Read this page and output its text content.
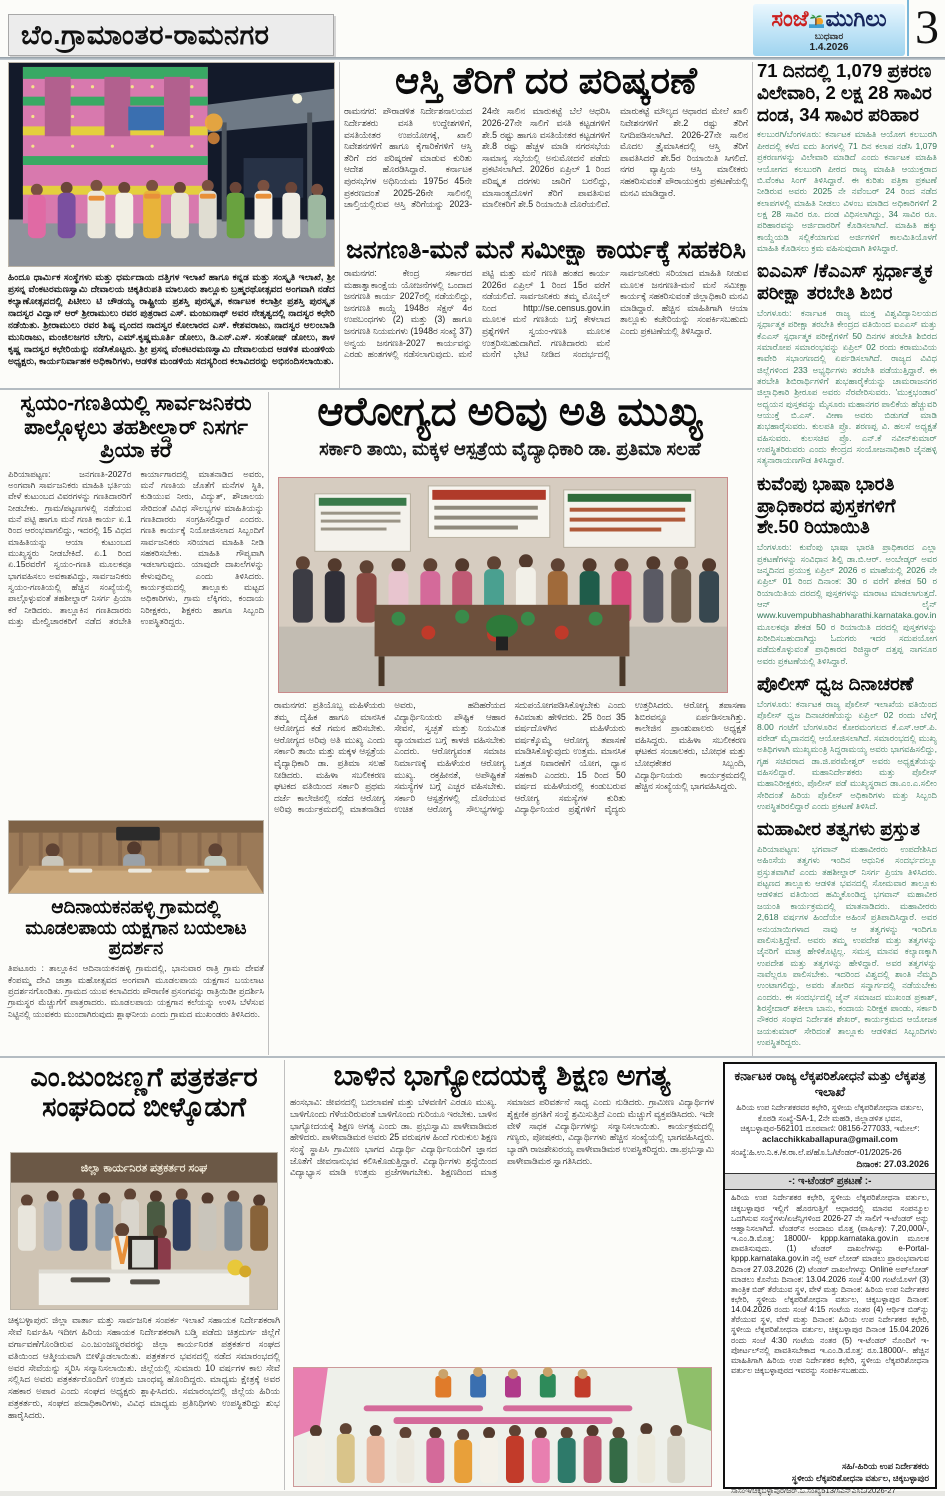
ಬೆಂ.ಗ್ರಾಮಾಂತರ-ರಾಮನಗರ
ಸಂಜೆ ಮುಗಿಲು
ಬುಧವಾರ
1.4.2026	3
ಹಿಂದೂ ಧಾರ್ಮಿಕ ಸಂಸ್ಥೆಗಳು ಮತ್ತು ಧರ್ಮದಾಯ ದತ್ತಿಗಳ ಇಲಾಖೆ ಹಾಗೂ ಕನ್ನಡ ಮತ್ತು ಸಂಸ್ಕೃತಿ ಇಲಾಖೆ, ಶ್ರೀ ಪ್ರಸನ್ನ ವೆಂಕಟರಮಣಸ್ವಾಮಿ ದೇವಾಲಯ ಚಿಕ್ಕತಿರುಪತಿ ಮಾಲೂರು ತಾಲ್ಲೂಕು ಬ್ರಹ್ಮರಥೋತ್ಸವದ ಅಂಗವಾಗಿ ನಡೆದ ಕಲ್ಯಾಣೋತ್ಸವದಲ್ಲಿ ಪಿಟೀಲು ಟಿ ಚೌಡಯ್ಯ ರಾಷ್ಟ್ರೀಯ ಪ್ರಶಸ್ತಿ ಪುರಸ್ಕೃತ, ಕರ್ನಾಟಕ ಕಲಾಶ್ರೀ ಪ್ರಶಸ್ತಿ ಪುರಸ್ಕೃತ ನಾದಸ್ವರ ವಿದ್ವಾನ್ ಆರ್ ಶ್ರೀರಾಮುಲು ರವರ ಪುತ್ರರಾದ ಎಸ್. ಮಂಜುನಾಥ್ ಅವರ ನೇತೃತ್ವದಲ್ಲಿ ನಾದಸ್ವರ ಕಛೇರಿ ನಡೆಯಿತು. ಶ್ರೀರಾಮುಲು ರವರ ಶಿಷ್ಯ ವೃಂದದ ನಾದಸ್ವರ ಕೋಲಾರದ ಎಸ್. ಕೇಶವರಾಜು, ನಾದಸ್ವರ ಆಲಂಬಾಡಿ ಮುನಿರಾಜು, ಮಂಜಿಲಜಗರ ಬೇಗು, ಎಮ್.ಕೃಷ್ಣಮೂರ್ತಿ ಡೋಲು, ಡಿ.ಎನ್.ಎಸ್. ಸಂತೋಷ್ ಡೋಲು, ತಾಳ ಕೃಷ್ಣ ನಾದಸ್ವರ ಕಛೇರಿಯನ್ನು ನಡೆಸಿಕೊಟ್ಟರು. ಶ್ರೀ ಪ್ರಸನ್ನ ವೆಂಕಟರಮಣಸ್ವಾಮಿ ದೇವಾಲಯದ ಆಡಳಿತ ಮಂಡಳಿಯ ಅಧ್ಯಕ್ಷರು, ಕಾರ್ಯನಿರ್ವಾಹಕ ಅಧಿಕಾರಿಗಳು, ಆಡಳಿತ ಮಂಡಳಿಯ ಸದಸ್ಯರಿಂದ ಕಲಾವಿದರನ್ನು ಅಭಿನಂದಿಸಲಾಯಿತು.
ಆಸ್ತಿ ತೆರಿಗೆ ದರ ಪರಿಷ್ಕರಣೆ
ರಾಮನಗರ: ಪೌರಾಡಳಿತ ನಿರ್ದೇಶನಾಲಯದ ನಿರ್ದೇಶಕರು ವಸತಿ ಉದ್ದೇಶಗಳಿಗೆ, ವಸತಿಯೇತರ ಉಪಯೋಗಕ್ಕೆ, ಖಾಲಿ ನಿವೇಶನಗಳಿಗೆ ಹಾಗೂ ಕೈಗಾರಿಕೆಗಳಿಗೆ ಆಸ್ತಿ ತೆರಿಗೆ ದರ ಪರಿಷ್ಕರಣೆ ಮಾಡುವ ಕುರಿತು ಆದೇಶ ಹೊರಡಿಸಿದ್ದಾರೆ. ಕರ್ನಾಟಕ ಪುರಸಭೆಗಳ ಅಧಿನಿಯಮ 1975ರ 45ನೇ ಪ್ರಕರಣದಂತೆ 2025-26ನೇ ಸಾಲಿನಲ್ಲಿ ಚಾಲ್ತಿಯಲ್ಲಿರುವ ಆಸ್ತಿ ತೆರಿಗೆಯನ್ನು 2023-24ನೇ ಸಾಲಿನ ಮಾರುಕಟ್ಟೆ ಬೆಲೆ ಆಧರಿಸಿ 2026-27ನೇ ಸಾಲಿಗೆ ವಸತಿ ಕಟ್ಟಡಗಳಿಗೆ ಶೇ.5 ರಷ್ಟು ಹಾಗೂ ವಸತಿಯೇತರ ಕಟ್ಟಡಗಳಿಗೆ ಶೇ.8 ರಷ್ಟು ಹೆಚ್ಚಳ ಮಾಡಿ ನಗರಸಭೆಯ ಸಾಮಾನ್ಯ ಸಭೆಯಲ್ಲಿ ಅನುಮೋದನೆ ಪಡೆದು ಪ್ರಕಟಿಸಲಾಗಿದೆ. 2026ರ ಏಪ್ರಿಲ್ 1 ರಿಂದ ಪರಿಷ್ಕೃತ ದರಗಳು ಜಾರಿಗೆ ಬರಲಿದ್ದು, ಮಾಸಾಂತ್ಯದೊಳಗೆ ತೆರಿಗೆ ಪಾವತಿಸುವ ಮಾಲೀಕರಿಗೆ ಶೇ.5 ರಿಯಾಯಿತಿ ದೊರೆಯಲಿದೆ. ಮಾರುಕಟ್ಟೆ ಮೌಲ್ಯದ ಆಧಾರದ ಮೇಲೆ ಖಾಲಿ ನಿವೇಶನಗಳಿಗೆ ಶೇ.2 ರಷ್ಟು ತೆರಿಗೆ ನಿಗದಿಪಡಿಸಲಾಗಿದೆ. 2026-27ನೇ ಸಾಲಿನ ಮೊದಲ ತ್ರೈಮಾಸಿಕದಲ್ಲಿ ಆಸ್ತಿ ತೆರಿಗೆ ಪಾವತಿಸಿದರೆ ಶೇ.5ರ ರಿಯಾಯಿತಿ ಸಿಗಲಿದೆ. ನಗರ ವ್ಯಾಪ್ತಿಯ ಆಸ್ತಿ ಮಾಲೀಕರು ಸಹಕರಿಸುವಂತೆ ಪೌರಾಯುಕ್ತರು ಪ್ರಕಟಣೆಯಲ್ಲಿ ಮನವಿ ಮಾಡಿದ್ದಾರೆ.
ಜನಗಣತಿ-ಮನೆ ಮನೆ ಸಮೀಕ್ಷಾ ಕಾರ್ಯಕ್ಕೆ ಸಹಕರಿಸಿ
ರಾಮನಗರ: ಕೇಂದ್ರ ಸರ್ಕಾರದ ಮಹಾತ್ವಾಕಾಂಕ್ಷೆಯ ಯೋಜನೆಗಳಲ್ಲಿ ಒಂದಾದ ಜನಗಣತಿ ಕಾರ್ಯ 2027ರಲ್ಲಿ ನಡೆಯಲಿದ್ದು, ಜನಗಣತಿ ಕಾಯ್ದೆ 1948ರ ಸೆಕ್ಷನ್ 4ರ ಉಪಬಂಧಗಳು (2) ಮತ್ತು (3) ಹಾಗೂ ಜನಗಣತಿ ನಿಯಮಗಳು (1948ರ ಸಂಖ್ಯೆ 37) ಅನ್ವಯ ಜನಗಣತಿ-2027 ಕಾರ್ಯವನ್ನು ಎರಡು ಹಂತಗಳಲ್ಲಿ ನಡೆಸಲಾಗುವುದು. ಮನೆ ಪಟ್ಟಿ ಮತ್ತು ಮನೆ ಗಣತಿ ಹಂತದ ಕಾರ್ಯ 2026ರ ಏಪ್ರಿಲ್ 1 ರಿಂದ 15ರ ವರೆಗೆ ನಡೆಯಲಿದೆ. ಸಾರ್ವಜನಿಕರು ತಮ್ಮ ಮೊಬೈಲ್ ನಿಂದ http://se.census.gov.in ಮೂಲಕ ಮನೆ ಗಣತಿಯ ಬಗ್ಗೆ ಕೇಳಲಾದ ಪ್ರಶ್ನೆಗಳಿಗೆ ಸ್ವಯಂ-ಗಣತಿ ಮೂಲಕ ಉತ್ತರಿಸಬಹುದಾಗಿದೆ. ಗಣತಿದಾರರು ಮನೆ ಮನೆಗೆ ಭೇಟಿ ನೀಡಿದ ಸಂದರ್ಭದಲ್ಲಿ ಸಾರ್ವಜನಿಕರು ಸರಿಯಾದ ಮಾಹಿತಿ ನೀಡುವ ಮೂಲಕ ಜನಗಣತಿ-ಮನೆ ಮನೆ ಸಮೀಕ್ಷಾ ಕಾರ್ಯಕ್ಕೆ ಸಹಕರಿಸುವಂತೆ ಜಿಲ್ಲಾಧಿಕಾರಿ ಮನವಿ ಮಾಡಿದ್ದಾರೆ. ಹೆಚ್ಚಿನ ಮಾಹಿತಿಗಾಗಿ ಆಯಾ ತಾಲ್ಲೂಕು ಕಚೇರಿಯನ್ನು ಸಂಪರ್ಕಿಸಬಹುದು ಎಂದು ಪ್ರಕಟಣೆಯಲ್ಲಿ ತಿಳಿಸಿದ್ದಾರೆ.
71 ದಿನದಲ್ಲಿ 1,079 ಪ್ರಕರಣ ವಿಲೇವಾರಿ, 2 ಲಕ್ಷ 28 ಸಾವಿರ ದಂಡ, 34 ಸಾವಿರ ಪರಿಹಾರ
ಕಲಬುರಗಿ/ಬೆಂಗಳೂರು: ಕರ್ನಾಟಕ ಮಾಹಿತಿ ಆಯೋಗ ಕಲಬುರಗಿ ಪೀಠದಲ್ಲಿ ಕಳೆದ ಐದು ತಿಂಗಳಲ್ಲಿ 71 ದಿನ ಕಲಾಪ ನಡೆಸಿ 1,079 ಪ್ರಕರಣಗಳನ್ನು ವಿಲೇವಾರಿ ಮಾಡಿದೆ ಎಂದು ಕರ್ನಾಟಕ ಮಾಹಿತಿ ಆಯೋಗದ ಕಲಬುರಗಿ ಪೀಠದ ರಾಜ್ಯ ಮಾಹಿತಿ ಆಯುಕ್ತರಾದ ಬಿ.ವೆಂಕಟ ಸಿಂಗ್ ತಿಳಿಸಿದ್ದಾರೆ. ಈ ಕುರಿತು ಪತ್ರಿಕಾ ಪ್ರಕಟಣೆ ನೀಡಿರುವ ಅವರು 2025 ನೇ ನವೆಂಬರ್ 24 ರಿಂದ ನಡೆದ ಕಲಾಪಗಳಲ್ಲಿ ಮಾಹಿತಿ ನೀಡಲು ವಿಳಂಬ ಮಾಡಿದ ಅಧಿಕಾರಿಗಳಿಗೆ 2 ಲಕ್ಷ 28 ಸಾವಿರ ರೂ. ದಂಡ ವಿಧಿಸಲಾಗಿದ್ದು, 34 ಸಾವಿರ ರೂ. ಪರಿಹಾರವನ್ನು ಅರ್ಜಿದಾರರಿಗೆ ಕೊಡಿಸಲಾಗಿದೆ. ಮಾಹಿತಿ ಹಕ್ಕು ಕಾಯ್ದೆಯಡಿ ಸಲ್ಲಿಕೆಯಾಗುವ ಅರ್ಜಿಗಳಿಗೆ ಕಾಲಮಿತಿಯೊಳಗೆ ಮಾಹಿತಿ ಕೊಡಿಸಲು ಕ್ರಮ ವಹಿಸುವುದಾಗಿ ತಿಳಿಸಿದ್ದಾರೆ.
ಐಎಎಸ್ /ಕೆಎಎಸ್ ಸ್ಪರ್ಧಾತ್ಮಕ ಪರೀಕ್ಷಾ ತರಬೇತಿ ಶಿಬಿರ
ಬೆಂಗಳೂರು: ಕರ್ನಾಟಕ ರಾಜ್ಯ ಮುಕ್ತ ವಿಶ್ವವಿದ್ಯಾನಿಲಯದ ಸ್ಪರ್ಧಾತ್ಮಕ ಪರೀಕ್ಷಾ ತರಬೇತಿ ಕೇಂದ್ರದ ವತಿಯಿಂದ ಐಎಎಸ್ ಮತ್ತು ಕೆಎಎಸ್ ಸ್ಪರ್ಧಾತ್ಮಕ ಪರೀಕ್ಷೆಗಳಿಗೆ 50 ದಿನಗಳ ತರಬೇತಿ ಶಿಬಿರದ ಸಮಾರೋಪ ಸಮಾರಂಭವನ್ನು ಏಪ್ರಿಲ್ 02 ರಂದು ಕರಾಮುವಿಯ ಕಾವೇರಿ ಸಭಾಂಗಣದಲ್ಲಿ ಏರ್ಪಡಿಸಲಾಗಿದೆ. ರಾಜ್ಯದ ವಿವಿಧ ಜಿಲ್ಲೆಗಳಿಂದ 233 ಅಭ್ಯರ್ಥಿಗಳು ತರಬೇತಿ ಪಡೆಯುತ್ತಿದ್ದಾರೆ. ಈ ತರಬೇತಿ ಶಿಬಿರಾರ್ಥಿಗಳಿಗೆ ಶುಭಹಾರೈಕೆಯನ್ನು ಚಾಮರಾಜನಗರ ಜಿಲ್ಲಾಧಿಕಾರಿ ಶ್ರೀರೂಪ ಅವರು ನೆರವೇರಿಸುವರು. 'ಮುಕ್ತಭಂಡಾರ' ಅಧ್ಯಯನ ಪುಸ್ತಕವನ್ನು ಮೈಸೂರು ಮಹಾನಗರ ಪಾಲಿಕೆಯ ಹೆಚ್ಚುವರಿ ಆಯುಕ್ತೆ ಬಿ.ಎಸ್. ವೀಣಾ ಅವರು ಬಿಡುಗಡೆ ಮಾಡಿ ಶುಭಹಾರೈಸುವರು. ಕುಲಪತಿ ಪ್ರೊ. ಶರಣಪ್ಪ ವಿ. ಹಲಸೆ ಅಧ್ಯಕ್ಷತೆ ವಹಿಸುವರು. ಕುಲಸಚಿವ ಪ್ರೊ. ಎನ್.ಕೆ ನವೀನ್‌ಕುಮಾರ್ ಉಪಸ್ಥಿತರಿರುವರು ಎಂದು ಕೇಂದ್ರದ ಸಂಯೋಜನಾಧಿಕಾರಿ ಜೈನಹಳ್ಳಿ ಸತ್ಯನಾರಾಯಣಗೌಡ ತಿಳಿಸಿದ್ದಾರೆ.
ಕುವೆಂಪು ಭಾಷಾ ಭಾರತಿ ಪ್ರಾಧಿಕಾರದ ಪುಸ್ತಕಗಳಿಗೆ ಶೇ.50 ರಿಯಾಯಿತಿ
ಬೆಂಗಳೂರು: ಕುವೆಂಪು ಭಾಷಾ ಭಾರತಿ ಪ್ರಾಧಿಕಾರದ ಎಲ್ಲಾ ಪ್ರಕಟಣೆಗಳನ್ನು ಸಂವಿಧಾನ ಶಿಲ್ಪಿ ಡಾ.ಬಿ.ಆರ್. ಅಂಬೇಡ್ಕರ್ ಅವರ ಜನ್ಮದಿನದ ಪ್ರಯುಕ್ತ ಏಪ್ರಿಲ್ 2026 ರ ಮಾಹೆಯಲ್ಲಿ 2026 ನೇ ಏಪ್ರಿಲ್ 01 ರಿಂದ ದಿನಾಂಕ: 30 ರ ವರೆಗೆ ಶೇಕಡ 50 ರ ರಿಯಾಯಿತಿಯ ದರದಲ್ಲಿ ಪುಸ್ತಕಗಳನ್ನು ಮಾರಾಟ ಮಾಡಲಾಗುತ್ತದೆ. ಆನ್ ಲೈನ್ www.kuvempubhashabharathi.karnataka.gov.in ಮೂಲಕವೂ ಶೇಕಡ 50 ರ ರಿಯಾಯಿತಿ ದರದಲ್ಲಿ ಪುಸ್ತಕಗಳನ್ನು ಖರೀದಿಸಬಹುದಾಗಿದ್ದು ಓದುಗರು ಇದರ ಸದುಪಯೋಗ ಪಡೆದುಕೊಳ್ಳುವಂತೆ ಪ್ರಾಧಿಕಾರದ ರಿಜಿಸ್ಟ್ರಾರ್ ದತ್ತಪ್ಪ ನಾಗನೂರ ಅವರು ಪ್ರಕಟಣೆಯಲ್ಲಿ ತಿಳಿಸಿದ್ದಾರೆ.
ಪೊಲೀಸ್ ಧ್ವಜ ದಿನಾಚರಣೆ
ಬೆಂಗಳೂರು: ಕರ್ನಾಟಕ ರಾಜ್ಯ ಪೊಲೀಸ್ ಇಲಾಖೆಯ ವತಿಯಿಂದ ಪೊಲೀಸ್ ಧ್ವಜ ದಿನಾಚರಣೆಯನ್ನು ಏಪ್ರಿಲ್ 02 ರಂದು ಬೆಳಿಗ್ಗೆ 8.00 ಗಂಟೆಗೆ ಬೆಂಗಳೂರಿನ ಕೋರಮಂಗಲದ ಕೆ.ಎಸ್.ಆರ್.ಪಿ. ಪರೇಡ್ ಮೈದಾನದಲ್ಲಿ ಆಯೋಜಿಸಲಾಗಿದೆ. ಸಮಾರಂಭದಲ್ಲಿ ಮುಖ್ಯ ಅತಿಥಿಗಳಾಗಿ ಮುಖ್ಯಮಂತ್ರಿ ಸಿದ್ದರಾಮಯ್ಯ ಅವರು ಭಾಗವಹಿಸಲಿದ್ದು, ಗೃಹ ಸಚಿವರಾದ ಡಾ.ಜಿ.ಪರಮೇಶ್ವರ್ ಅವರು ಅಧ್ಯಕ್ಷತೆಯನ್ನು ವಹಿಸಲಿದ್ದಾರೆ. ಮಹಾನಿರ್ದೇಶಕರು ಮತ್ತು ಪೊಲೀಸ್ ಮಹಾನಿರೀಕ್ಷಕರು, ಪೊಲೀಸ್ ಪಡೆ ಮುಖ್ಯಸ್ಥರಾದ ಡಾ.ಎಂ.ಎ.ಸಲೀಂ ಸೇರಿದಂತೆ ಹಿರಿಯ ಪೊಲೀಸ್ ಅಧಿಕಾರಿಗಳು ಮತ್ತು ಸಿಬ್ಬಂದಿ ಉಪಸ್ಥಿತರಿರಲಿದ್ದಾರೆ ಎಂದು ಪ್ರಕಟಣೆ ತಿಳಿಸಿದೆ.
ಮಹಾವೀರ ತತ್ವಗಳು ಪ್ರಸ್ತುತ
ಪಿರಿಯಾಪಟ್ಟಣ: ಭಗವಾನ್ ಮಹಾವೀರರು ಉಪದೇಶಿಸಿದ ಅಹಿಂಸೆಯ ತತ್ವಗಳು ಇಂದಿನ ಆಧುನಿಕ ಸಂದರ್ಭದಲ್ಲೂ ಪ್ರಸ್ತುತವಾಗಿವೆ ಎಂದು ತಹಶೀಲ್ದಾರ್ ನಿಸರ್ಗ ಪ್ರಿಯಾ ತಿಳಿಸಿದರು. ಪಟ್ಟಣದ ತಾಲ್ಲೂಕು ಆಡಳಿತ ಭವನದಲ್ಲಿ ಸೋಮವಾರ ತಾಲ್ಲೂಕು ಆಡಳಿತದ ವತಿಯಿಂದ ಹಮ್ಮಿಕೊಂಡಿದ್ದ ಭಗವಾನ್ ಮಹಾವೀರ ಜಯಂತಿ ಕಾರ್ಯಕ್ರಮದಲ್ಲಿ ಮಾತನಾಡಿದರು. ಮಹಾವೀರರು 2,618 ವರ್ಷಗಳ ಹಿಂದೆಯೇ ಅಹಿಂಸೆ ಪ್ರತಿಪಾದಿಸಿದ್ದಾರೆ. ಅವರ ಅನುಯಾಯಿಗಳಾದ ನಾವು ಆ ತತ್ವಗಳನ್ನು ಇಂದಿಗೂ ಪಾಲಿಸುತ್ತಿದ್ದೇವೆ. ಅವರು ತಮ್ಮ ಉಪದೇಶ ಮತ್ತು ತತ್ವಗಳನ್ನು ಜೈನರಿಗೆ ಮಾತ್ರ ಹೇಳಿಕೊಟ್ಟಿಲ್ಲ. ಸಮಸ್ತ ಮಾನವ ಕಲ್ಯಾಣಕ್ಕಾಗಿ ಉಪದೇಶ ಮತ್ತು ತತ್ವಗಳನ್ನು ಹೇಳಿದ್ದಾರೆ. ಅವರ ತತ್ವಗಳನ್ನು ನಾವೆಲ್ಲರೂ ಪಾಲಿಸಬೇಕು. ಇದರಿಂದ ವಿಶ್ವದಲ್ಲಿ ಶಾಂತಿ ನೆಮ್ಮದಿ ಉಂಟಾಗಲಿದ್ದು, ಅವರು ತೋರಿದ ಸನ್ಮಾರ್ಗದಲ್ಲಿ ನಡೆಯಬೇಕು ಎಂದರು. ಈ ಸಂದರ್ಭದಲ್ಲಿ ಜೈನ್ ಸಮಾಜದ ಮುಖಂಡ ಪ್ರಕಾಶ್, ಶಿರಸ್ತೇದಾರ್ ಶಕೀಲಾ ಬಾನು, ಕಂದಾಯ ನಿರೀಕ್ಷಕ ಪಾಂಡು, ಸರ್ಕಾರಿ ನೌಕರರ ಸಂಘದ ನಿರ್ದೇಶಕ ಶೇಖರ್, ಕಾರ್ಯಕ್ರಮದ ಆಯೋಜಕ ಜಯಕುಮಾರ್ ಸೇರಿದಂತೆ ತಾಲ್ಲೂಕು ಆಡಳಿತದ ಸಿಬ್ಬಂದಿಗಳು ಉಪಸ್ಥಿತರಿದ್ದರು.
ಸ್ವಯಂ-ಗಣತಿಯಲ್ಲಿ ಸಾರ್ವಜನಿಕರು ಪಾಲ್ಗೊಳ್ಳಲು ತಹಶೀಲ್ದಾರ್ ನಿಸರ್ಗ ಪ್ರಿಯಾ ಕರೆ
ಪಿರಿಯಾಪಟ್ಟಣ: ಜನಗಣತಿ-2027ರ ಅಂಗವಾಗಿ ಸಾರ್ವಜನಿಕರು ಮಾಹಿತಿ ಭರ್ತಿಯ ವೇಳೆ ಕುಟುಂಬದ ವಿವರಗಳನ್ನು ಗಣತಿದಾರರಿಗೆ ನೀಡಬೇಕು. ಗ್ರಾಮ/ಪಟ್ಟಣಗಳಲ್ಲಿ ನಡೆಯುವ ಮನೆ ಪಟ್ಟಿ ಹಾಗೂ ಮನೆ ಗಣತಿ ಕಾರ್ಯ ಏ.1 ರಿಂದ ಆರಂಭವಾಗಲಿದ್ದು, ಇದರಲ್ಲಿ 15 ವಿಧದ ಮಾಹಿತಿಯನ್ನು ಆಯಾ ಕುಟುಂಬದ ಮುಖ್ಯಸ್ಥರು ನೀಡಬೇಕಿದೆ. ಏ.1 ರಿಂದ ಏ.15ರವರೆಗೆ ಸ್ವಯಂ-ಗಣತಿ ಮೂಲಕವೂ ಭಾಗವಹಿಸಲು ಅವಕಾಶವಿದ್ದು, ಸಾರ್ವಜನಿಕರು ಸ್ವಯಂ-ಗಣತಿಯಲ್ಲಿ ಹೆಚ್ಚಿನ ಸಂಖ್ಯೆಯಲ್ಲಿ ಪಾಲ್ಗೊಳ್ಳುವಂತೆ ತಹಶೀಲ್ದಾರ್ ನಿಸರ್ಗ ಪ್ರಿಯಾ ಕರೆ ನೀಡಿದರು. ತಾಲ್ಲೂಕಿನ ಗಣತಿದಾರರು ಮತ್ತು ಮೇಲ್ವಿಚಾರಕರಿಗೆ ನಡೆದ ತರಬೇತಿ ಕಾರ್ಯಾಗಾರದಲ್ಲಿ ಮಾತನಾಡಿದ ಅವರು, ಮನೆ ಗಣತಿಯ ಜೊತೆಗೆ ಮನೆಗಳ ಸ್ಥಿತಿ, ಕುಡಿಯುವ ನೀರು, ವಿದ್ಯುತ್, ಶೌಚಾಲಯ ಸೇರಿದಂತೆ ವಿವಿಧ ಸೌಲಭ್ಯಗಳ ಮಾಹಿತಿಯನ್ನು ಗಣತಿದಾರರು ಸಂಗ್ರಹಿಸಲಿದ್ದಾರೆ ಎಂದರು. ಗಣತಿ ಕಾರ್ಯಕ್ಕೆ ನಿಯೋಜಿಸಲಾದ ಸಿಬ್ಬಂದಿಗೆ ಸಾರ್ವಜನಿಕರು ಸರಿಯಾದ ಮಾಹಿತಿ ನೀಡಿ ಸಹಕರಿಸಬೇಕು. ಮಾಹಿತಿ ಗೌಪ್ಯವಾಗಿ ಇಡಲಾಗುವುದು. ಯಾವುದೇ ದಾಖಲೆಗಳನ್ನು ಕೇಳುವುದಿಲ್ಲ ಎಂದು ತಿಳಿಸಿದರು. ಕಾರ್ಯಕ್ರಮದಲ್ಲಿ ತಾಲ್ಲೂಕು ಮಟ್ಟದ ಅಧಿಕಾರಿಗಳು, ಗ್ರಾಮ ಲೆಕ್ಕಿಗರು, ಕಂದಾಯ ನಿರೀಕ್ಷಕರು, ಶಿಕ್ಷಕರು ಹಾಗೂ ಸಿಬ್ಬಂದಿ ಉಪಸ್ಥಿತರಿದ್ದರು.
ಆದಿನಾಯಕನಹಳ್ಳಿ ಗ್ರಾಮದಲ್ಲಿ ಮೂಡಲಪಾಯ ಯಕ್ಷಗಾನ ಬಯಲಾಟ ಪ್ರದರ್ಶನ
ತಿಪಟೂರು : ತಾಲ್ಲೂಕಿನ ಆದಿನಾಯಕನಹಳ್ಳಿ ಗ್ರಾಮದಲ್ಲಿ, ಭಾನುವಾರ ರಾತ್ರಿ ಗ್ರಾಮ ದೇವತೆ ಕೆಂಪಮ್ಮ ದೇವಿ ಜಾತ್ರಾ ಮಹೋತ್ಸವದ ಅಂಗವಾಗಿ ಮೂಡಲಪಾಯ ಯಕ್ಷಗಾನ ಬಯಲಾಟ ಪ್ರದರ್ಶನಗೊಂಡಿತು. ಗ್ರಾಮದ ಯುವ ಕಲಾವಿದರು ಪೌರಾಣಿಕ ಪ್ರಸಂಗವನ್ನು ರಾತ್ರಿಯಿಡೀ ಪ್ರದರ್ಶಿಸಿ ಗ್ರಾಮಸ್ಥರ ಮೆಚ್ಚುಗೆಗೆ ಪಾತ್ರರಾದರು. ಮೂಡಲಪಾಯ ಯಕ್ಷಗಾನ ಕಲೆಯನ್ನು ಉಳಿಸಿ ಬೆಳೆಸುವ ನಿಟ್ಟಿನಲ್ಲಿ ಯುವಕರು ಮುಂದಾಗಿರುವುದು ಶ್ಲಾಘನೀಯ ಎಂದು ಗ್ರಾಮದ ಮುಖಂಡರು ತಿಳಿಸಿದರು.
ಆರೋಗ್ಯದ ಅರಿವು ಅತಿ ಮುಖ್ಯ
ಸರ್ಕಾರಿ ತಾಯಿ, ಮಕ್ಕಳ ಆಸ್ಪತ್ರೆಯ ವೈದ್ಯಾಧಿಕಾರಿ ಡಾ. ಪ್ರತಿಮಾ ಸಲಹೆ
ರಾಮನಗರ: ಪ್ರತಿಯೊಬ್ಬ ಮಹಿಳೆಯರು ತಮ್ಮ ದೈಹಿಕ ಹಾಗೂ ಮಾನಸಿಕ ಆರೋಗ್ಯದ ಕಡೆ ಗಮನ ಹರಿಸಬೇಕು. ಆರೋಗ್ಯದ ಅರಿವು ಅತಿ ಮುಖ್ಯ ಎಂದು ಸರ್ಕಾರಿ ತಾಯಿ ಮತ್ತು ಮಕ್ಕಳ ಆಸ್ಪತ್ರೆಯ ವೈದ್ಯಾಧಿಕಾರಿ ಡಾ. ಪ್ರತಿಮಾ ಸಲಹೆ ನೀಡಿದರು. ಮಹಿಳಾ ಸಬಲೀಕರಣ ಘಟಕದ ವತಿಯಿಂದ ಸರ್ಕಾರಿ ಪ್ರಥಮ ದರ್ಜೆ ಕಾಲೇಜಿನಲ್ಲಿ ನಡೆದ ಆರೋಗ್ಯ ಅರಿವು ಕಾರ್ಯಕ್ರಮದಲ್ಲಿ ಮಾತನಾಡಿದ ಅವರು, ಹದಿಹರೆಯದ ವಿದ್ಯಾರ್ಥಿನಿಯರು ಪೌಷ್ಟಿಕ ಆಹಾರ ಸೇವನೆ, ಸ್ವಚ್ಛತೆ ಮತ್ತು ನಿಯಮಿತ ವ್ಯಾಯಾಮದ ಬಗ್ಗೆ ಕಾಳಜಿ ವಹಿಸಬೇಕು ಎಂದರು. ಆರೋಗ್ಯವಂತ ಸಮಾಜ ನಿರ್ಮಾಣಕ್ಕೆ ಮಹಿಳೆಯರ ಆರೋಗ್ಯ ಮುಖ್ಯ. ರಕ್ತಹೀನತೆ, ಅಪೌಷ್ಟಿಕತೆ ಸಮಸ್ಯೆಗಳ ಬಗ್ಗೆ ಎಚ್ಚರ ವಹಿಸಬೇಕು. ಸರ್ಕಾರಿ ಆಸ್ಪತ್ರೆಗಳಲ್ಲಿ ದೊರೆಯುವ ಉಚಿತ ಆರೋಗ್ಯ ಸೌಲಭ್ಯಗಳನ್ನು ಸದುಪಯೋಗಪಡಿಸಿಕೊಳ್ಳಬೇಕು ಎಂದು ಕಿವಿಮಾತು ಹೇಳಿದರು. 25 ರಿಂದ 35 ವರ್ಷದೊಳಗಿನ ಮಹಿಳೆಯರು ವರ್ಷಕ್ಕೊಮ್ಮೆ ಆರೋಗ್ಯ ತಪಾಸಣೆ ಮಾಡಿಸಿಕೊಳ್ಳುವುದು ಉತ್ತಮ. ಮಾನಸಿಕ ಒತ್ತಡ ನಿವಾರಣೆಗೆ ಯೋಗ, ಧ್ಯಾನ ಸಹಕಾರಿ ಎಂದರು. 15 ರಿಂದ 50 ವರ್ಷದ ಮಹಿಳೆಯರಲ್ಲಿ ಕಂಡುಬರುವ ಆರೋಗ್ಯ ಸಮಸ್ಯೆಗಳ ಕುರಿತು ವಿದ್ಯಾರ್ಥಿನಿಯರ ಪ್ರಶ್ನೆಗಳಿಗೆ ವೈದ್ಯರು ಉತ್ತರಿಸಿದರು. ಆರೋಗ್ಯ ತಪಾಸಣಾ ಶಿಬಿರವನ್ನೂ ಏರ್ಪಡಿಸಲಾಗಿತ್ತು. ಕಾಲೇಜಿನ ಪ್ರಾಂಶುಪಾಲರು ಅಧ್ಯಕ್ಷತೆ ವಹಿಸಿದ್ದರು. ಮಹಿಳಾ ಸಬಲೀಕರಣ ಘಟಕದ ಸಂಚಾಲಕರು, ಬೋಧಕ ಮತ್ತು ಬೋಧಕೇತರ ಸಿಬ್ಬಂದಿ, ವಿದ್ಯಾರ್ಥಿನಿಯರು ಕಾರ್ಯಕ್ರಮದಲ್ಲಿ ಹೆಚ್ಚಿನ ಸಂಖ್ಯೆಯಲ್ಲಿ ಭಾಗವಹಿಸಿದ್ದರು.
ಎಂ.ಜುಂಜಣ್ಣಗೆ ಪತ್ರಕರ್ತರ ಸಂಘದಿಂದ ಬೀಳ್ಕೊಡುಗೆ
ಜಿಲ್ಲಾ ಕಾರ್ಯನಿರತ ಪತ್ರಕರ್ತರ ಸಂಘ
ಚಿಕ್ಕಬಳ್ಳಾಪುರ: ಜಿಲ್ಲಾ ವಾರ್ತಾ ಮತ್ತು ಸಾರ್ವಜನಿಕ ಸಂಪರ್ಕ ಇಲಾಖೆ ಸಹಾಯಕ ನಿರ್ದೇಶಕರಾಗಿ ಸೇವೆ ನಿರ್ವಹಿಸಿ ಇದೀಗ ಹಿರಿಯ ಸಹಾಯಕ ನಿರ್ದೇಶಕರಾಗಿ ಬಡ್ತಿ ಪಡೆದು ಚಿತ್ರದುರ್ಗ ಜಿಲ್ಲೆಗೆ ವರ್ಗಾವಣೆಗೊಂಡಿರುವ ಎಂ.ಜುಂಜಣ್ಣರವರನ್ನು ಜಿಲ್ಲಾ ಕಾರ್ಯನಿರತ ಪತ್ರಕರ್ತರ ಸಂಘದ ವತಿಯಿಂದ ಆತ್ಮೀಯವಾಗಿ ಬೀಳ್ಕೊಡಲಾಯಿತು. ಪತ್ರಕರ್ತರ ಭವನದಲ್ಲಿ ನಡೆದ ಸಮಾರಂಭದಲ್ಲಿ ಅವರ ಸೇವೆಯನ್ನು ಸ್ಮರಿಸಿ ಸನ್ಮಾನಿಸಲಾಯಿತು. ಜಿಲ್ಲೆಯಲ್ಲಿ ಸುಮಾರು 10 ವರ್ಷಗಳ ಕಾಲ ಸೇವೆ ಸಲ್ಲಿಸಿದ ಅವರು ಪತ್ರಕರ್ತರೊಂದಿಗೆ ಉತ್ತಮ ಬಾಂಧವ್ಯ ಹೊಂದಿದ್ದರು. ಮಾಧ್ಯಮ ಕ್ಷೇತ್ರಕ್ಕೆ ಅವರ ಸಹಕಾರ ಅಪಾರ ಎಂದು ಸಂಘದ ಅಧ್ಯಕ್ಷರು ಶ್ಲಾಘಿಸಿದರು. ಸಮಾರಂಭದಲ್ಲಿ ಜಿಲ್ಲೆಯ ಹಿರಿಯ ಪತ್ರಕರ್ತರು, ಸಂಘದ ಪದಾಧಿಕಾರಿಗಳು, ವಿವಿಧ ಮಾಧ್ಯಮ ಪ್ರತಿನಿಧಿಗಳು ಉಪಸ್ಥಿತರಿದ್ದು ಶುಭ ಹಾರೈಸಿದರು.
ಬಾಳಿನ ಭಾಗ್ಯೋದಯಕ್ಕೆ ಶಿಕ್ಷಣ ಅಗತ್ಯ
ಹಂಸಭಾವಿ: ಜೀವನದಲ್ಲಿ ಬದಲಾವಣೆ ಮತ್ತು ಬೆಳವಣಿಗೆ ಎರಡೂ ಮುಖ್ಯ. ಬಾಳಿಗೊಂದು ಗೆಳೆಯರಿರುವಂತೆ ಬಾಳಿಗೊಂದು ಗುರಿಯೂ ಇರಬೇಕು. ಬಾಳಿನ ಭಾಗ್ಯೋದಯಕ್ಕೆ ಶಿಕ್ಷಣ ಅಗತ್ಯ ಎಂದು ಡಾ. ಪ್ರಭುಸ್ವಾಮಿ ಪಾಳೇವಾಡಿಮಠ ಹೇಳಿದರು. ಪಾಳೇವಾಡಿಮಠ ಅವರು 25 ವರುಷಗಳ ಹಿಂದೆ ಗುರುಕುಲ ಶಿಕ್ಷಣ ಸಂಸ್ಥೆ ಸ್ಥಾಪಿಸಿ ಗ್ರಾಮೀಣ ಭಾಗದ ವಿದ್ಯಾರ್ಥಿ ವಿದ್ಯಾರ್ಥಿನಿಯರಿಗೆ ಜ್ಞಾನದ ಜೊತೆಗೆ ಜೀವನಾನುಭವ ಕಲಿಸಿಕೊಡುತ್ತಿದ್ದಾರೆ. ವಿದ್ಯಾರ್ಥಿಗಳು ಶ್ರದ್ಧೆಯಿಂದ ವಿದ್ಯಾಭ್ಯಾಸ ಮಾಡಿ ಉತ್ತಮ ಪ್ರಜೆಗಳಾಗಬೇಕು. ಶಿಕ್ಷಣದಿಂದ ಮಾತ್ರ ಸಮಾಜದ ಪರಿವರ್ತನೆ ಸಾಧ್ಯ ಎಂದು ನುಡಿದರು. ಗ್ರಾಮೀಣ ವಿದ್ಯಾರ್ಥಿಗಳ ಶೈಕ್ಷಣಿಕ ಪ್ರಗತಿಗೆ ಸಂಸ್ಥೆ ಶ್ರಮಿಸುತ್ತಿದೆ ಎಂದು ಮೆಚ್ಚುಗೆ ವ್ಯಕ್ತಪಡಿಸಿದರು. ಇದೇ ವೇಳೆ ಸಾಧಕ ವಿದ್ಯಾರ್ಥಿಗಳನ್ನು ಸನ್ಮಾನಿಸಲಾಯಿತು. ಕಾರ್ಯಕ್ರಮದಲ್ಲಿ ಗಣ್ಯರು, ಪೋಷಕರು, ವಿದ್ಯಾರ್ಥಿಗಳು ಹೆಚ್ಚಿನ ಸಂಖ್ಯೆಯಲ್ಲಿ ಭಾಗವಹಿಸಿದ್ದರು. ಬ್ಯಾಡಗಿ ರಾಜಶೇಖರಯ್ಯ ಪಾಳೇವಾಡಿಮಠ ಉಪಸ್ಥಿತರಿದ್ದರು. ಡಾ.ಪ್ರಭುಸ್ವಾಮಿ ಪಾಳೇವಾಡಿಮಠ ಸ್ವಾಗತಿಸಿದರು.
ಕರ್ನಾಟಕ ರಾಜ್ಯ ಲೆಕ್ಕಪರಿಶೋಧನೆ ಮತ್ತು ಲೆಕ್ಕಪತ್ರ ಇಲಾಖೆ
ಹಿರಿಯ ಉಪ ನಿರ್ದೇಶಕರವರ ಕಛೇರಿ, ಸ್ಥಳೀಯ ಲೆಕ್ಕಪರಿಶೋಧನಾ ವರ್ತುಲ, ಕೊಠಡಿ ಸಂಖ್ಯೆ-SA-1, 2ನೇ ಮಹಡಿ, ಜಿಲ್ಲಾಡಳಿತ ಭವನ, ಚಿಕ್ಕಬಳ್ಳಾಪುರ-562101 ದೂರವಾಣಿ: 08156-277033, ಇಮೇಲ್:
aclacchikkaballapura@gmail.com
ಸಂಖ್ಯೆ:ಹಿ.ಉ.ನಿ.ಕ./ಕ.ರಾ.ಲೆ.ಪ/ಹೊ.ಓ/ಟೆಂಡರ್-01/2025-26
ದಿನಾಂಕ: 27.03.2026
-: ಇ-ಟೆಂಡರ್ ಪ್ರಕಟಣೆ :-
ಹಿರಿಯ ಉಪ ನಿರ್ದೇಶಕರ ಕಛೇರಿ, ಸ್ಥಳೀಯ ಲೆಕ್ಕಪರಿಶೋಧನಾ ವರ್ತುಲ, ಚಿಕ್ಕಬಳ್ಳಾಪುರ ಇಲ್ಲಿಗೆ ಹೊರಗುತ್ತಿಗೆ ಆಧಾರದಲ್ಲಿ ಮಾನವ ಸಂಪನ್ಮೂಲ ಒದಗಿಸುವ ಸಂಸ್ಥೆಗಳು/ಏಜೆನ್ಸಿಗಳಿಂದ 2026-27 ನೇ ಸಾಲಿಗೆ ಇ-ಟೆಂಡರ್ ಅನ್ನು ಆಹ್ವಾನಿಸಲಾಗಿದೆ. ಟೆಂಡರ್‌ನ ಅಂದಾಜು ಮೊತ್ತ (ವಾರ್ಷಿಕ): 7,20,000/-, ಇ.ಎಂ.ಡಿ.ಮೊತ್ತ: 18000/- kppp.karnataka.gov.in ಮೂಲಕ ಪಾವತಿಸುವುದು. (1) ಟೆಂಡರ್ ದಾಖಲೆಗಳನ್ನು e-Portal- kppp.karnataka.gov.in ನಲ್ಲಿ ಅಪ್ ಲೋಡ್ ಮಾಡಲು ಪ್ರಾರಂಭವಾಗುವ ದಿನಾಂಕ 27.03.2026 (2) ಟೆಂಡರ್ ದಾಖಲೆಗಳನ್ನು Online ಅಪ್‌ಲೋಡ್ ಮಾಡಲು ಕೊನೆಯ ದಿನಾಂಕ: 13.04.2026 ಸಂಜೆ 4:00 ಗಂಟೆಯೊಳಗೆ (3) ತಾಂತ್ರಿಕ ಬಿಡ್ ತೆರೆಯುವ ಸ್ಥಳ, ವೇಳೆ ಮತ್ತು ದಿನಾಂಕ: ಹಿರಿಯ ಉಪ ನಿರ್ದೇಶಕರ ಕಛೇರಿ, ಸ್ಥಳೀಯ ಲೆಕ್ಕಪರಿಶೋಧನಾ ವರ್ತುಲ, ಚಿಕ್ಕಬಳ್ಳಾಪುರ ದಿನಾಂಕ: 14.04.2026 ರಂದು ಸಂಜೆ 4:15 ಗಂಟೆಯ ನಂತರ (4) ಆರ್ಥಿಕ ಬಿಡ್‌ನ್ನು ತೆರೆಯುವ ಸ್ಥಳ, ವೇಳೆ ಮತ್ತು ದಿನಾಂಕ: ಹಿರಿಯ ಉಪ ನಿರ್ದೇಶಕರ ಕಛೇರಿ, ಸ್ಥಳೀಯ ಲೆಕ್ಕಪರಿಶೋಧನಾ ವರ್ತುಲ, ಚಿಕ್ಕಬಳ್ಳಾಪುರ ದಿನಾಂಕ 15.04.2026 ರಂದು ಸಂಜೆ 4:30 ಗಂಟೆಯ ನಂತರ (5) ಇ-ಟೆಂಡರ್ ನೊಂದಿಗೆ ಇ-ಪೋರ್ಟಲ್‌ನಲ್ಲಿ ಪಾವತಿಸಬೇಕಾದ ಇ.ಎಂ.ಡಿ.ಮೊತ್ತ: ರೂ.18000/-. ಹೆಚ್ಚಿನ ಮಾಹಿತಿಗಾಗಿ ಹಿರಿಯ ಉಪ ನಿರ್ದೇಶಕರ ಕಛೇರಿ, ಸ್ಥಳೀಯ ಲೆಕ್ಕಪರಿಶೋಧನಾ ವರ್ತುಲ ಚಿಕ್ಕಬಳ್ಳಾಪುರದ ಇವರನ್ನು ಸಂಪರ್ಕಿಸಬಹುದು.
ಸಹಿ/-ಹಿರಿಯ ಉಪ ನಿರ್ದೇಶಕರು
ಸ್ಥಳೀಯ ಲೆಕ್ಕಪರಿಶೋಧನಾ ವರ್ತುಲ, ಚಿಕ್ಕಬಳ್ಳಾಪುರ
ಸಾಸಂಇ/ಚಿಕ್ಕಬಳ್ಳಾಪುರ/ಜರ್.ಓ.ಸಂಖ್ಯೆ513/ಸಿಎನ್ಎಸಿಒ/2026-27
